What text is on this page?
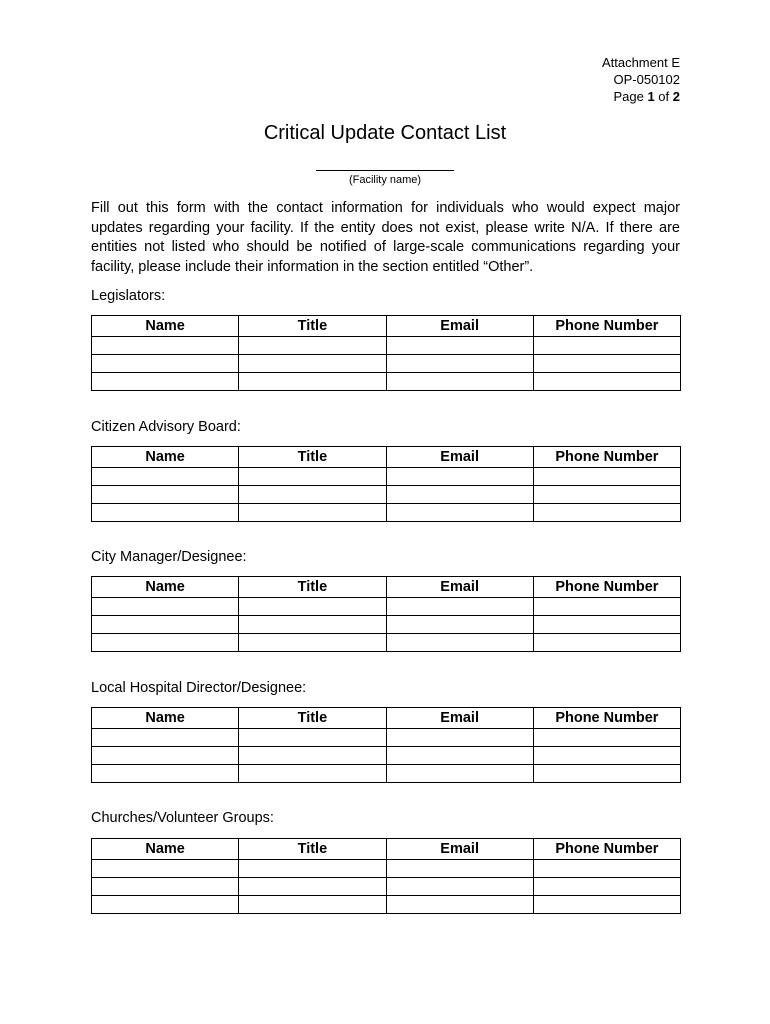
Attachment E
OP-050102
Page 1 of 2
Critical Update Contact List
(Facility name)
Fill out this form with the contact information for individuals who would expect major updates regarding your facility. If the entity does not exist, please write N/A. If there are entities not listed who should be notified of large-scale communications regarding your facility, please include their information in the section entitled “Other”.
Legislators:
Name	Title	Email	Phone Number

Citizen Advisory Board:
Name	Title	Email	Phone Number

City Manager/Designee:
Name	Title	Email	Phone Number

Local Hospital Director/Designee:
Name	Title	Email	Phone Number

Churches/Volunteer Groups:
Name	Title	Email	Phone Number
